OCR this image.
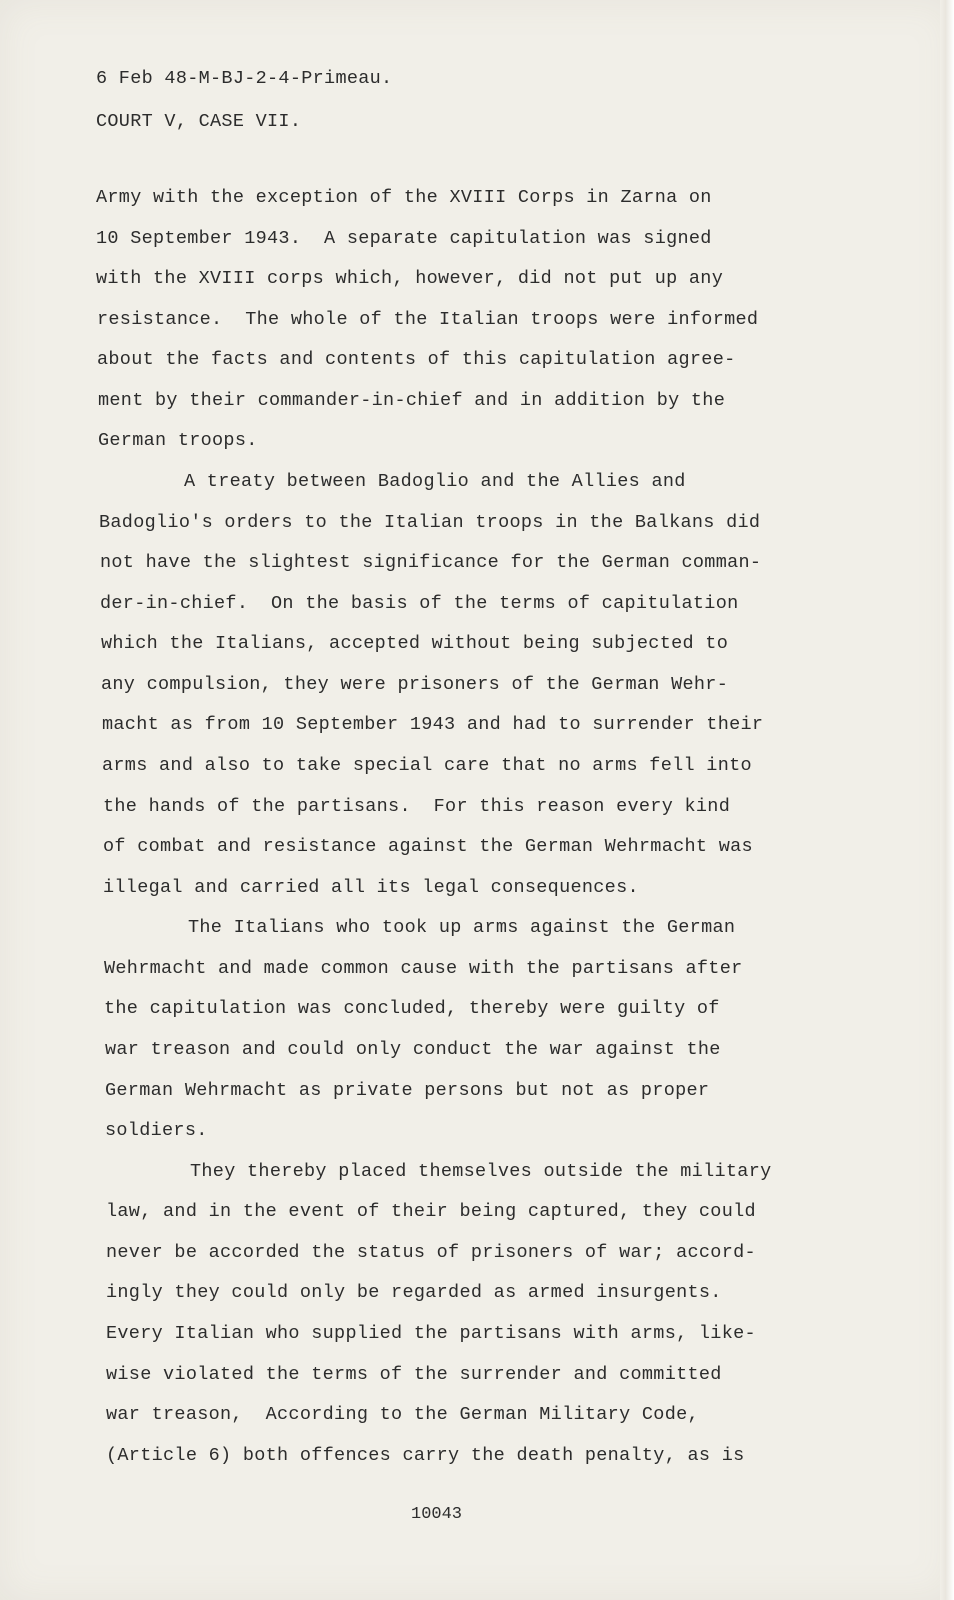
6 Feb 48-M-BJ-2-4-Primeau.
COURT V, CASE VII.
Army with the exception of the XVIII Corps in Zarna on
10 September 1943.  A separate capitulation was signed
with the XVIII corps which, however, did not put up any
resistance.  The whole of the Italian troops were informed
about the facts and contents of this capitulation agree-
ment by their commander-in-chief and in addition by the
German troops.
A treaty between Badoglio and the Allies and
Badoglio's orders to the Italian troops in the Balkans did
not have the slightest significance for the German comman-
der-in-chief.  On the basis of the terms of capitulation
which the Italians, accepted without being subjected to
any compulsion, they were prisoners of the German Wehr-
macht as from 10 September 1943 and had to surrender their
arms and also to take special care that no arms fell into
the hands of the partisans.  For this reason every kind
of combat and resistance against the German Wehrmacht was
illegal and carried all its legal consequences.
The Italians who took up arms against the German
Wehrmacht and made common cause with the partisans after
the capitulation was concluded, thereby were guilty of
war treason and could only conduct the war against the
German Wehrmacht as private persons but not as proper
soldiers.
They thereby placed themselves outside the military
law, and in the event of their being captured, they could
never be accorded the status of prisoners of war; accord-
ingly they could only be regarded as armed insurgents.
Every Italian who supplied the partisans with arms, like-
wise violated the terms of the surrender and committed
war treason,  According to the German Military Code,
(Article 6) both offences carry the death penalty, as is
10043
